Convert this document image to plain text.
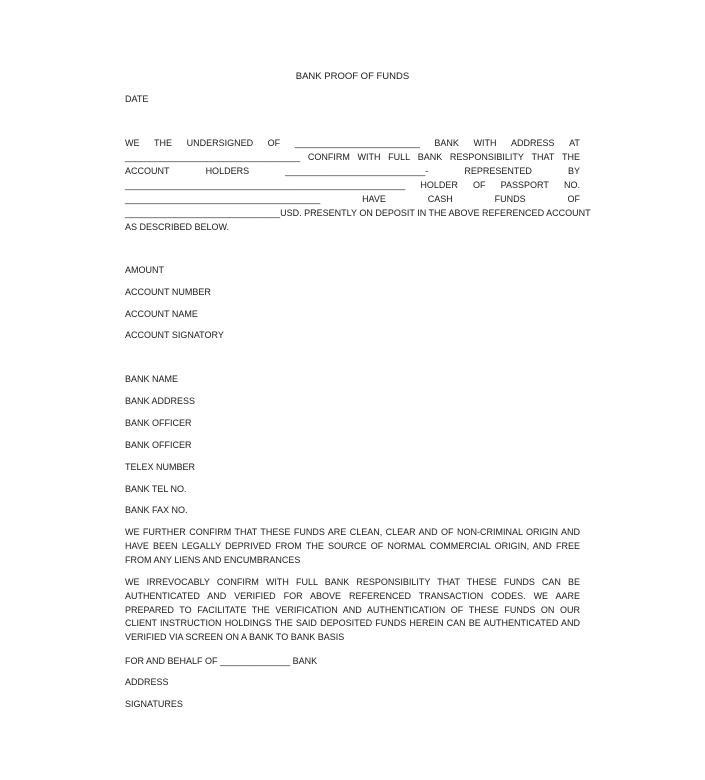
BANK PROOF OF FUNDS
DATE
WE THE UNDERSIGNED OF _________________________ BANK WITH ADDRESS AT
___________________________________ CONFIRM WITH FULL BANK RESPONSIBILITY THAT THE
ACCOUNT	HOLDERS	____________________________-	REPRESENTED	BY
________________________________________________________ HOLDER OF PASSPORT NO.
_______________________________________	HAVE	CASH	FUNDS	OF
_______________________________USD. PRESENTLY ON DEPOSIT IN THE ABOVE REFERENCED ACCOUNT
AS DESCRIBED BELOW.
AMOUNT
ACCOUNT NUMBER
ACCOUNT NAME
ACCOUNT SIGNATORY
BANK NAME
BANK ADDRESS
BANK OFFICER
BANK OFFICER
TELEX NUMBER
BANK TEL NO.
BANK FAX NO.
WE FURTHER CONFIRM THAT THESE FUNDS ARE CLEAN, CLEAR AND OF NON-CRIMINAL ORIGIN AND HAVE BEEN LEGALLY DEPRIVED FROM THE SOURCE OF NORMAL COMMERCIAL ORIGIN, AND FREE FROM ANY LIENS AND ENCUMBRANCES
WE IRREVOCABLY CONFIRM WITH FULL BANK RESPONSIBILITY THAT THESE FUNDS CAN BE AUTHENTICATED AND VERIFIED FOR ABOVE REFERENCED TRANSACTION CODES. WE AARE PREPARED TO FACILITATE THE VERIFICATION AND AUTHENTICATION OF THESE FUNDS ON OUR CLIENT INSTRUCTION HOLDINGS THE SAID DEPOSITED FUNDS HEREIN CAN BE AUTHENTICATED AND VERIFIED VIA SCREEN ON A BANK TO BANK BASIS
FOR AND BEHALF OF ______________ BANK
ADDRESS
SIGNATURES
